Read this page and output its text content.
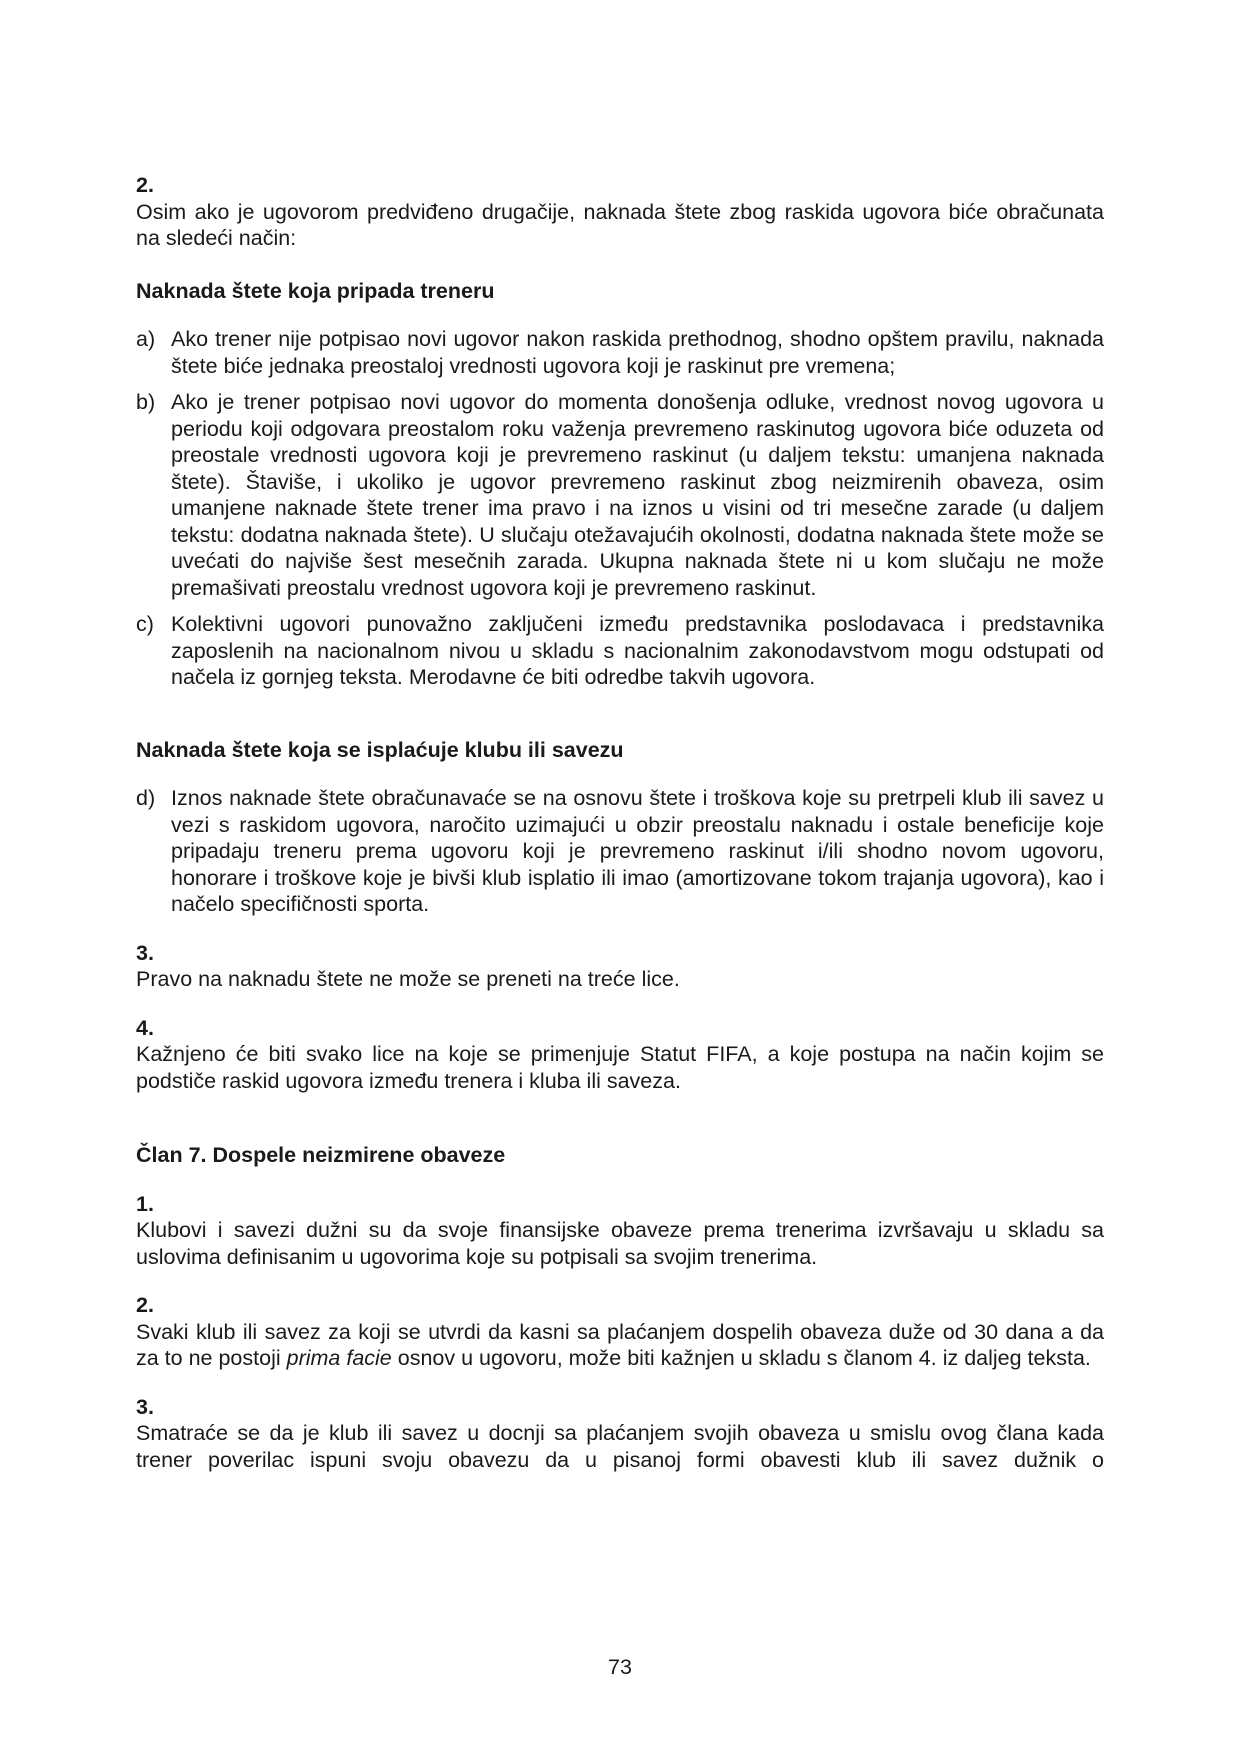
2.

Osim ako je ugovorom predviđeno drugačije, naknada štete zbog raskida ugovora biće obračunata na sledeći način:

Naknada štete koja pripada treneru

a) Ako trener nije potpisao novi ugovor nakon raskida prethodnog, shodno opštem pravilu, naknada štete biće jednaka preostaloj vrednosti ugovora koji je raskinut pre vremena;

b) Ako je trener potpisao novi ugovor do momenta donošenja odluke, vrednost novog ugovora u periodu koji odgovara preostalom roku važenja prevremeno raskinutog ugovora biće oduzeta od preostale vrednosti ugovora koji je prevremeno raskinut (u daljem tekstu: umanjena naknada štete). Štaviše, i ukoliko je ugovor prevremeno raskinut zbog neizmirenih obaveza, osim umanjene naknade štete trener ima pravo i na iznos u visini od tri mesečne zarade (u daljem tekstu: dodatna naknada štete). U slučaju otežavajućih okolnosti, dodatna naknada štete može se uvećati do najviše šest mesečnih zarada. Ukupna naknada štete ni u kom slučaju ne može premašivati preostalu vrednost ugovora koji je prevremeno raskinut.

c) Kolektivni ugovori punovažno zaključeni između predstavnika poslodavaca i predstavnika zaposlenih na nacionalnom nivou u skladu s nacionalnim zakonodavstvom mogu odstupati od načela iz gornjeg teksta. Merodavne će biti odredbe takvih ugovora.

Naknada štete koja se isplaćuje klubu ili savezu

d) Iznos naknade štete obračunavaće se na osnovu štete i troškova koje su pretrpeli klub ili savez u vezi s raskidom ugovora, naročito uzimajući u obzir preostalu naknadu i ostale beneficije koje pripadaju treneru prema ugovoru koji je prevremeno raskinut i/ili shodno novom ugovoru, honorare i troškove koje je bivši klub isplatio ili imao (amortizovane tokom trajanja ugovora), kao i načelo specifičnosti sporta.

3.

Pravo na naknadu štete ne može se preneti na treće lice.

4.

Kažnjeno će biti svako lice na koje se primenjuje Statut FIFA, a koje postupa na način kojim se podstiče raskid ugovora između trenera i kluba ili saveza.

Član 7. Dospele neizmirene obaveze

1.

Klubovi i savezi dužni su da svoje finansijske obaveze prema trenerima izvršavaju u skladu sa uslovima definisanim u ugovorima koje su potpisali sa svojim trenerima.

2.

Svaki klub ili savez za koji se utvrdi da kasni sa plaćanjem dospelih obaveza duže od 30 dana a da za to ne postoji prima facie osnov u ugovoru, može biti kažnjen u skladu s članom 4. iz daljeg teksta.

3.

Smatraće se da je klub ili savez u docnji sa plaćanjem svojih obaveza u smislu ovog člana kada trener poverilac ispuni svoju obavezu da u pisanoj formi obavesti klub ili savez dužnik o

73
